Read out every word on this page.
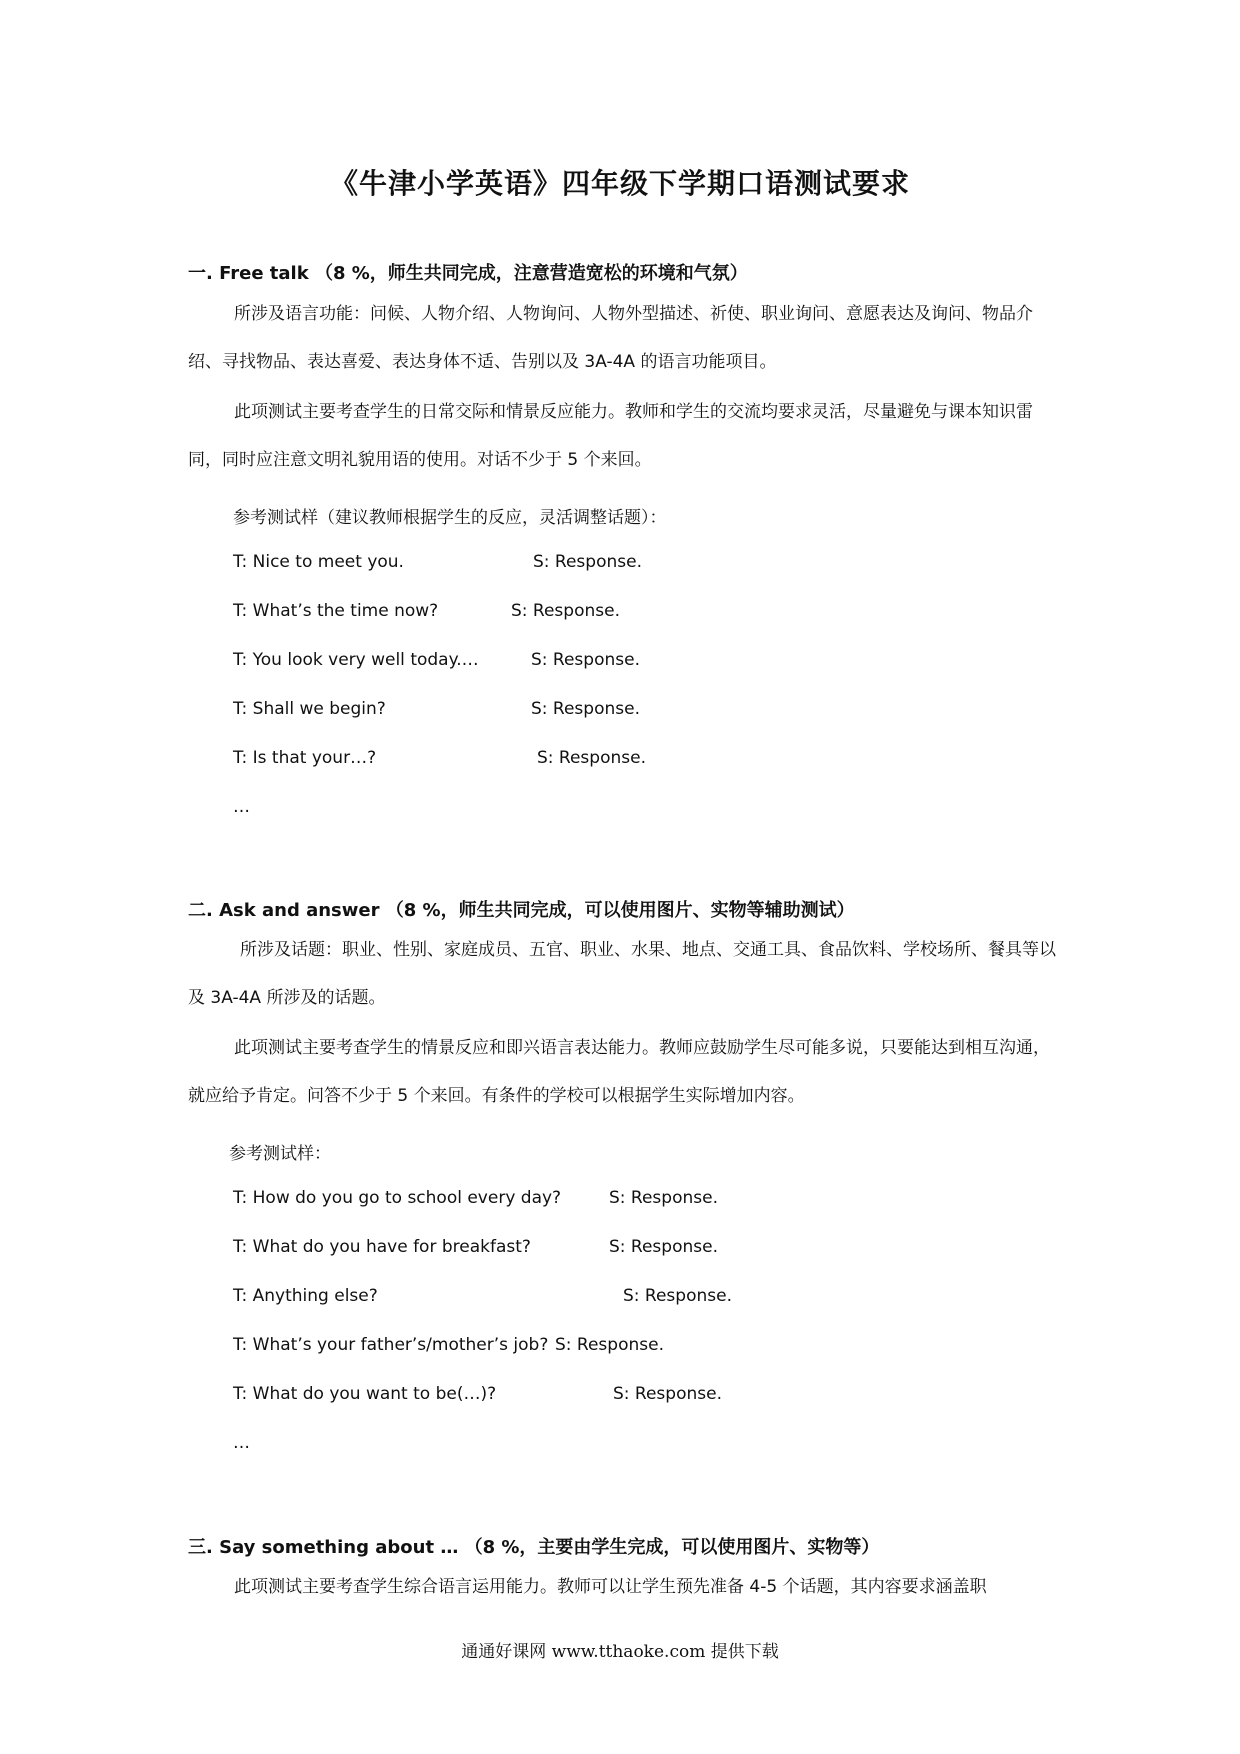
《牛津小学英语》四年级下学期口语测试要求
一. Free talk （8 %，师生共同完成，注意营造宽松的环境和气氛）

所涉及语言功能：问候、人物介绍、人物询问、人物外型描述、祈使、职业询问、意愿表达及询问、物品介绍、寻找物品、表达喜爱、表达身体不适、告别以及 3A-4A 的语言功能项目。

此项测试主要考查学生的日常交际和情景反应能力。教师和学生的交流均要求灵活，尽量避免与课本知识雷同，同时应注意文明礼貌用语的使用。对话不少于 5 个来回。

参考测试样（建议教师根据学生的反应，灵活调整话题）：
T: Nice to meet you.	S: Response.
T: What’s the time now?	S: Response.
T: You look very well today.…	S: Response.
T: Shall we begin?	S: Response.
T: Is that your…?	S: Response.
…
二. Ask and answer （8 %，师生共同完成，可以使用图片、实物等辅助测试）

所涉及话题：职业、性别、家庭成员、五官、职业、水果、地点、交通工具、食品饮料、学校场所、餐具等以及 3A-4A 所涉及的话题。

此项测试主要考查学生的情景反应和即兴语言表达能力。教师应鼓励学生尽可能多说，只要能达到相互沟通，就应给予肯定。问答不少于 5 个来回。有条件的学校可以根据学生实际增加内容。

参考测试样：
T: How do you go to school every day?	S: Response.
T: What do you have for breakfast?	S: Response.
T: Anything else?	S: Response.
T: What’s your father’s/mother’s job? S: Response.
T: What do you want to be(…)?	S: Response.
…
三. Say something about … （8 %，主要由学生完成，可以使用图片、实物等）

此项测试主要考查学生综合语言运用能力。教师可以让学生预先准备 4-5 个话题，其内容要求涵盖职

通通好课网 www.tthaoke.com 提供下载
